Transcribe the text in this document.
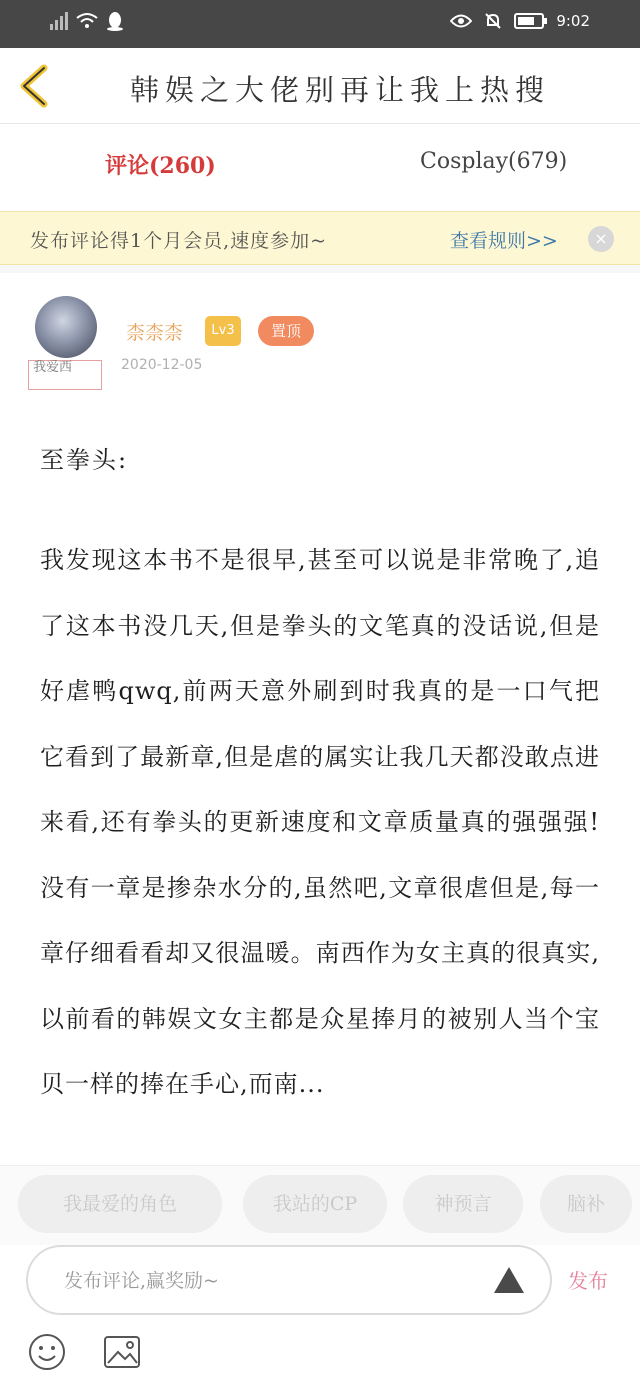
9:02
韩娱之大佬别再让我上热搜
评论(260)	Cosplay(679)
发布评论得1个月会员,速度参加~	查看规则>>	×
我爱西
柰柰柰	Lv3	置顶
2020-12-05
至拳头:
我发现这本书不是很早,甚至可以说是非常晚了,追了这本书没几天,但是拳头的文笔真的没话说,但是好虐鸭qwq,前两天意外刷到时我真的是一口气把它看到了最新章,但是虐的属实让我几天都没敢点进来看,还有拳头的更新速度和文章质量真的强强强!没有一章是掺杂水分的,虽然吧,文章很虐但是,每一章仔细看看却又很温暖。南西作为女主真的很真实,以前看的韩娱文女主都是众星捧月的被别人当个宝贝一样的捧在手心,而南...
我最爱的角色	我站的CP	神预言	脑补
发布评论,赢奖励~
发布
